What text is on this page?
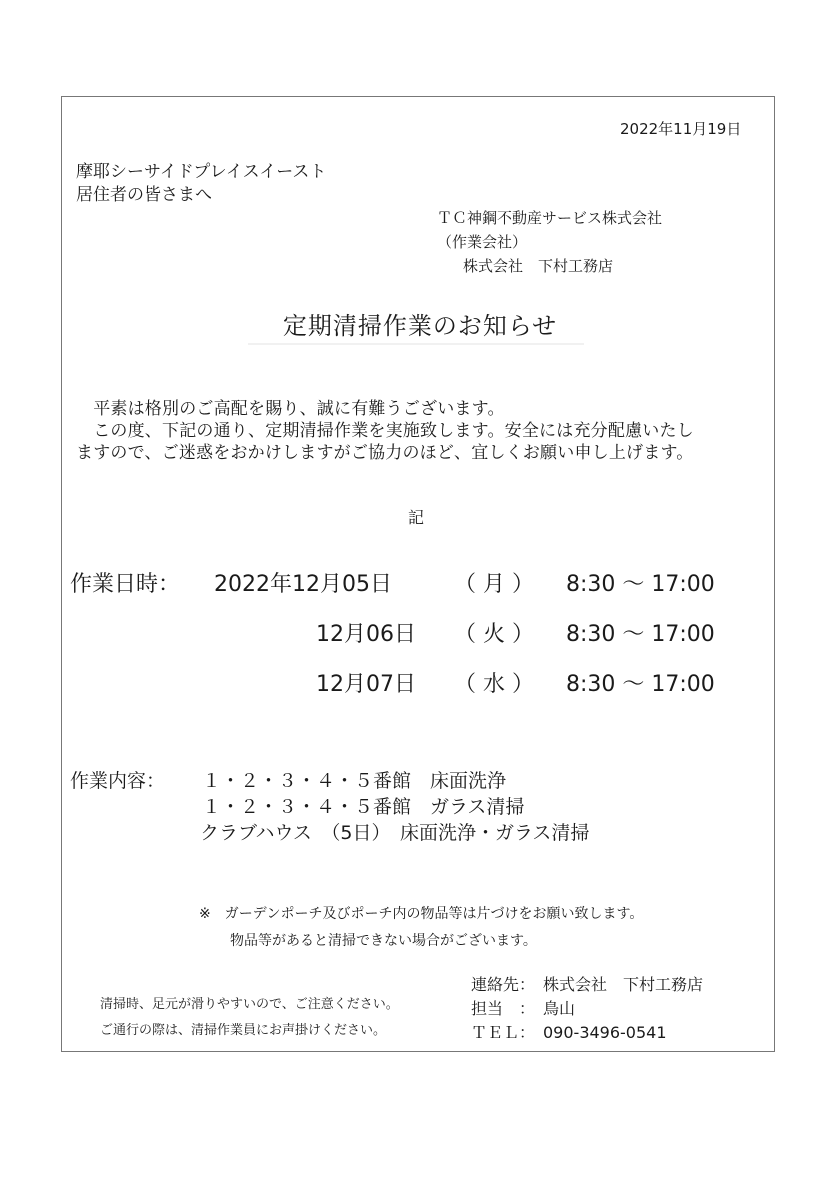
2022年11月19日
摩耶シーサイドプレイスイースト
居住者の皆さまへ
ＴＣ神鋼不動産サービス株式会社
（作業会社）
株式会社　下村工務店
定期清掃作業のお知らせ
　平素は格別のご高配を賜り、誠に有難うございます。
　この度、下記の通り、定期清掃作業を実施致します。安全には充分配慮いたし
ますので、ご迷惑をおかけしますがご協力のほど、宜しくお願い申し上げます。
記
作業日時： 2022年12月05日	（ 月 ） 8:30 ～ 17:00
12月06日 （ 火 ） 8:30 ～ 17:00
12月07日 （ 水 ） 8:30 ～ 17:00
作業内容： １・２・３・４・５番館　床面洗浄
１・２・３・４・５番館　ガラス清掃
クラブハウス　（5日）　床面洗浄・ガラス清掃
※　ガーデンポーチ及びポーチ内の物品等は片づけをお願い致します。
物品等があると清掃できない場合がございます。
清掃時、足元が滑りやすいので、ご注意ください。
ご通行の際は、清掃作業員にお声掛けください。
連絡先：　株式会社　下村工務店
担当　：　鳥山
ＴＥＬ：　090-3496-0541
